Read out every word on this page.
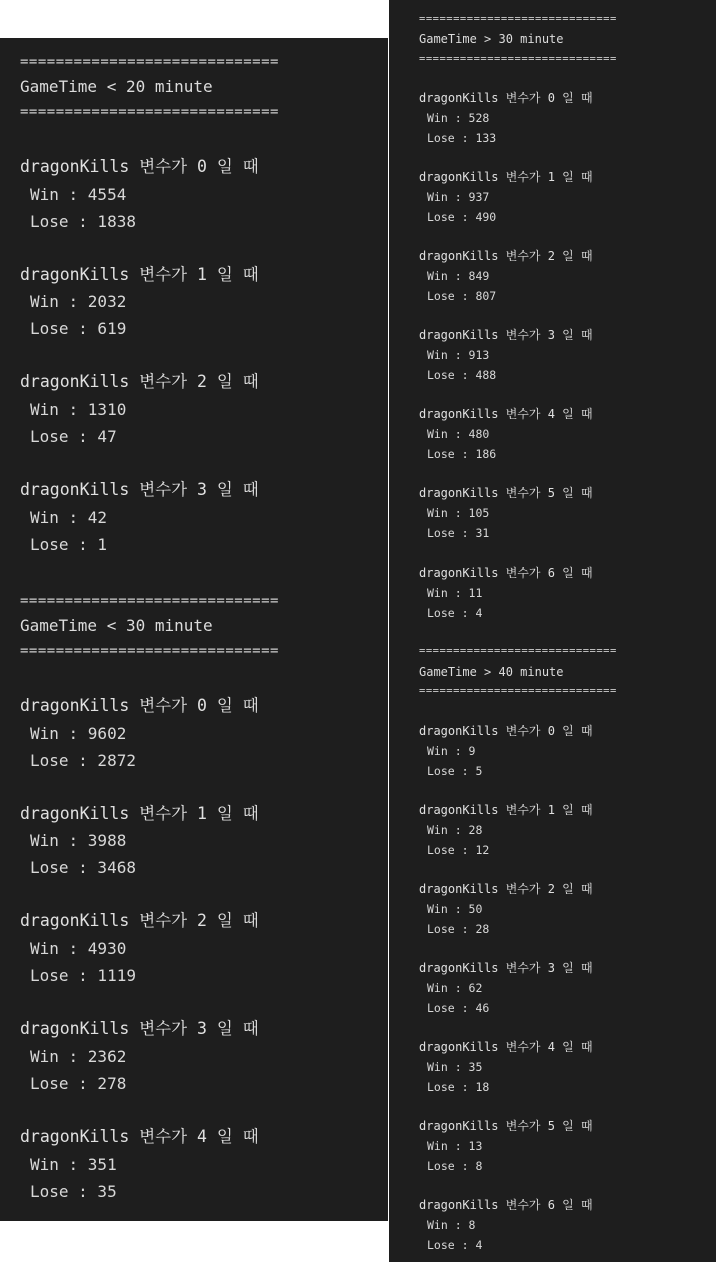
=============================
GameTime < 20 minute
=============================
dragonKills 변수가 0 일 때
Win : 4554
Lose : 1838
dragonKills 변수가 1 일 때
Win : 2032
Lose : 619
dragonKills 변수가 2 일 때
Win : 1310
Lose : 47
dragonKills 변수가 3 일 때
Win : 42
Lose : 1
=============================
GameTime < 30 minute
=============================
dragonKills 변수가 0 일 때
Win : 9602
Lose : 2872
dragonKills 변수가 1 일 때
Win : 3988
Lose : 3468
dragonKills 변수가 2 일 때
Win : 4930
Lose : 1119
dragonKills 변수가 3 일 때
Win : 2362
Lose : 278
dragonKills 변수가 4 일 때
Win : 351
Lose : 35
=============================
GameTime > 30 minute
=============================
dragonKills 변수가 0 일 때
Win : 528
Lose : 133
dragonKills 변수가 1 일 때
Win : 937
Lose : 490
dragonKills 변수가 2 일 때
Win : 849
Lose : 807
dragonKills 변수가 3 일 때
Win : 913
Lose : 488
dragonKills 변수가 4 일 때
Win : 480
Lose : 186
dragonKills 변수가 5 일 때
Win : 105
Lose : 31
dragonKills 변수가 6 일 때
Win : 11
Lose : 4
=============================
GameTime > 40 minute
=============================
dragonKills 변수가 0 일 때
Win : 9
Lose : 5
dragonKills 변수가 1 일 때
Win : 28
Lose : 12
dragonKills 변수가 2 일 때
Win : 50
Lose : 28
dragonKills 변수가 3 일 때
Win : 62
Lose : 46
dragonKills 변수가 4 일 때
Win : 35
Lose : 18
dragonKills 변수가 5 일 때
Win : 13
Lose : 8
dragonKills 변수가 6 일 때
Win : 8
Lose : 4
